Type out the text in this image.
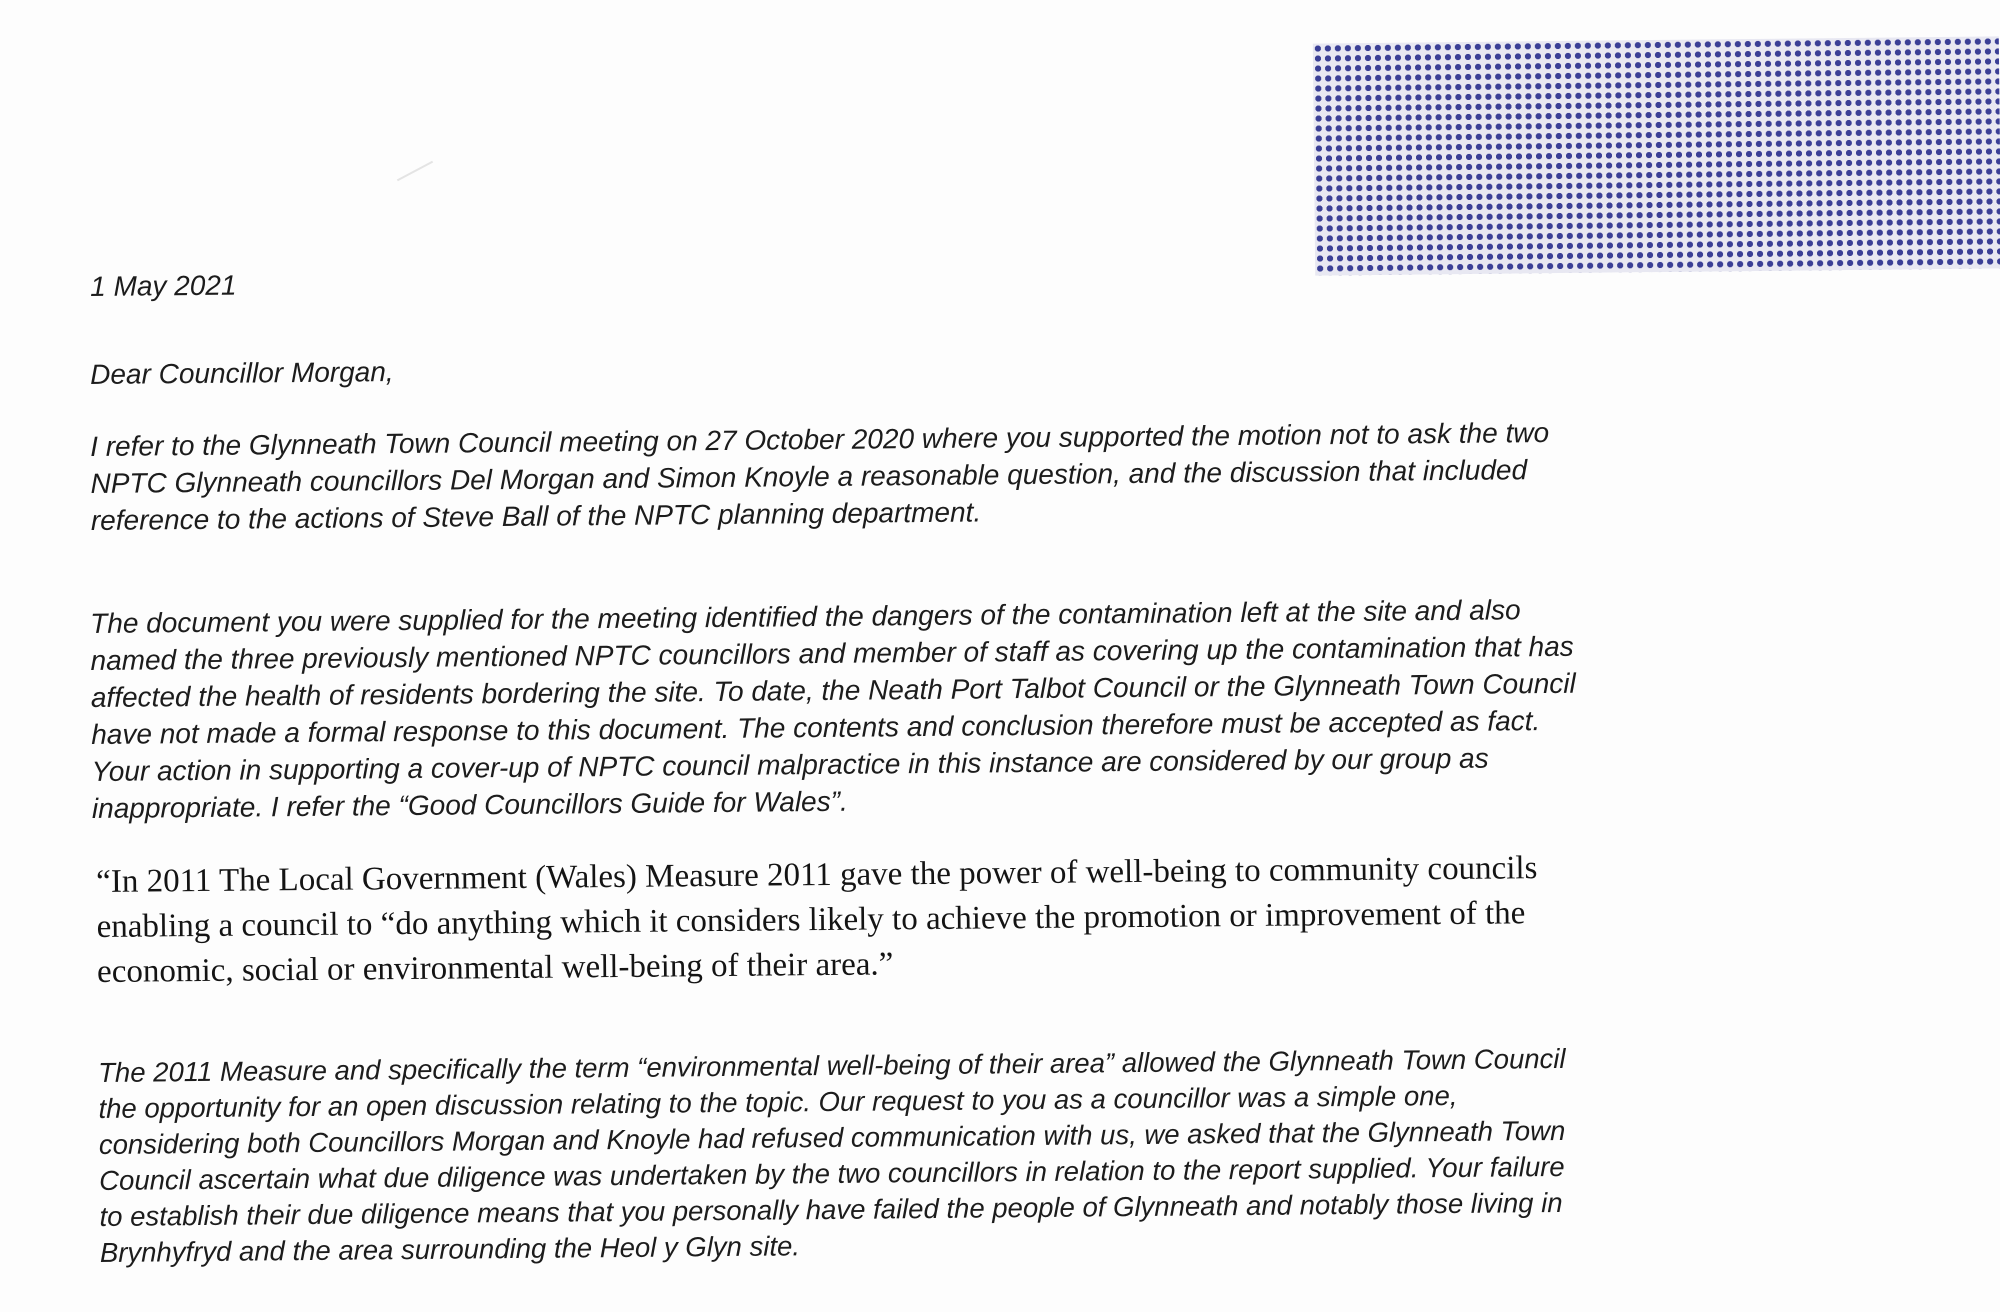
1 May 2021

Dear Councillor Morgan,

I refer to the Glynneath Town Council meeting on 27 October 2020 where you supported the motion not to ask the two
NPTC Glynneath councillors Del Morgan and Simon Knoyle a reasonable question, and the discussion that included
reference to the actions of Steve Ball of the NPTC planning department.

The document you were supplied for the meeting identified the dangers of the contamination left at the site and also
named the three previously mentioned NPTC councillors and member of staff as covering up the contamination that has
affected the health of residents bordering the site. To date, the Neath Port Talbot Council or the Glynneath Town Council
have not made a formal response to this document. The contents and conclusion therefore must be accepted as fact.
Your action in supporting a cover-up of NPTC council malpractice in this instance are considered by our group as
inappropriate. I refer the “Good Councillors Guide for Wales”.

“In 2011 The Local Government (Wales) Measure 2011 gave the power of well-being to community councils
enabling a council to “do anything which it considers likely to achieve the promotion or improvement of the
economic, social or environmental well-being of their area.”

The 2011 Measure and specifically the term “environmental well-being of their area” allowed the Glynneath Town Council
the opportunity for an open discussion relating to the topic. Our request to you as a councillor was a simple one,
considering both Councillors Morgan and Knoyle had refused communication with us, we asked that the Glynneath Town
Council ascertain what due diligence was undertaken by the two councillors in relation to the report supplied. Your failure
to establish their due diligence means that you personally have failed the people of Glynneath and notably those living in
Brynhyfryd and the area surrounding the Heol y Glyn site.
